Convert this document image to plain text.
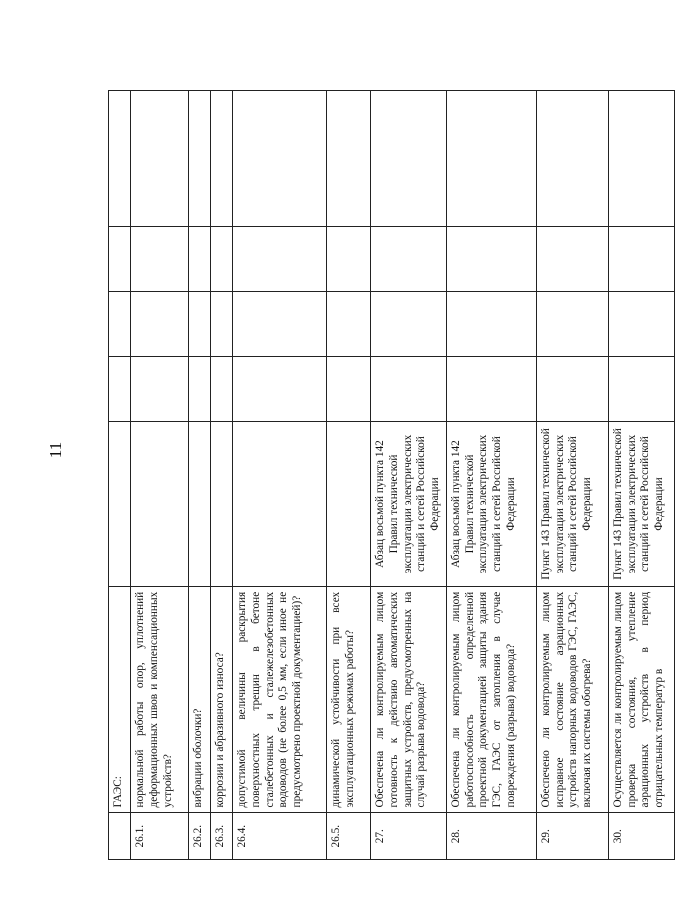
11
	ГАЭС:					
26.1.	нормальной работы опор, уплотнений деформационных швов и компенсационных устройств?					
26.2.	вибрации оболочки?					
26.3.	коррозии и абразивного износа?					
26.4.	допустимой величины раскрытия поверхностных трещин в бетоне сталебетонных и сталежелезобетонных водоводов (не более 0,5 мм, если иное не предусмотрено проектной документацией)?					
26.5.	динамической устойчивости при всех эксплуатационных режимах работы?					
27.	Обеспечена ли контролируемым лицом готовность к действию автоматических защитных устройств, предусмотренных на случай разрыва водовода?	Абзац восьмой пункта 142 Правил технической эксплуатации электрических станций и сетей Российской Федерации				
28.	Обеспечена ли контролируемым лицом работоспособность определенной проектной документацией защиты здания ГЭС, ГАЭС от затопления в случае повреждения (разрыва) водовода?	Абзац восьмой пункта 142 Правил технической эксплуатации электрических станций и сетей Российской Федерации				
29.	Обеспечено ли контролируемым лицом исправное состояние аэрационных устройств напорных водоводов ГЭС, ГАЭС, включая их системы обогрева?	Пункт 143 Правил технической эксплуатации электрических станций и сетей Российской Федерации				
30.	Осуществляется ли контролируемым лицом проверка состояния, утепление аэрационных устройств в период отрицательных температур в	Пункт 143 Правил технической эксплуатации электрических станций и сетей Российской Федерации				
